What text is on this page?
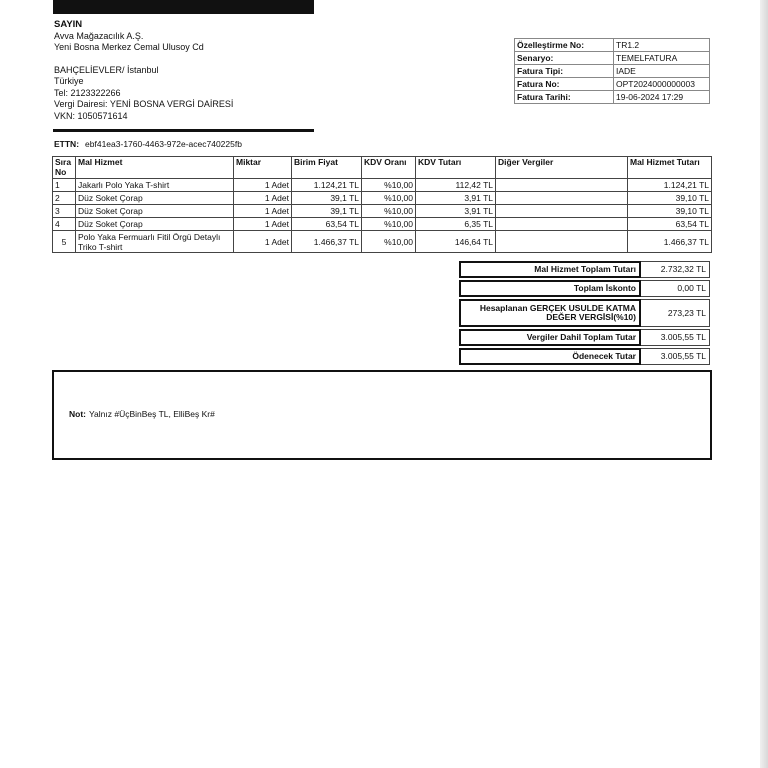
SAYIN
Avva Mağazacılık A.Ş.
Yeni Bosna Merkez Cemal Ulusoy Cd
BAHÇELİEVLER/ İstanbul
Türkiye
Tel: 2123322266
Vergi Dairesi: YENİ BOSNA VERGİ DAİRESİ
VKN: 1050571614
Özelleştirme No:	TR1.2
Senaryo:	TEMELFATURA
Fatura Tipi:	IADE
Fatura No:	OPT2024000000003
Fatura Tarihi:	19-06-2024 17:29
ETTN: ebf41ea3-1760-4463-972e-acec740225fb
Sıra No	Mal Hizmet	Miktar	Birim Fiyat	KDV Oranı	KDV Tutarı	Diğer Vergiler	Mal Hizmet Tutarı
1	Jakarlı Polo Yaka T-shirt	1 Adet	1.124,21 TL	%10,00	112,42 TL		1.124,21 TL
2	Düz Soket Çorap	1 Adet	39,1 TL	%10,00	3,91 TL		39,10 TL
3	Düz Soket Çorap	1 Adet	39,1 TL	%10,00	3,91 TL		39,10 TL
4	Düz Soket Çorap	1 Adet	63,54 TL	%10,00	6,35 TL		63,54 TL
5	Polo Yaka Fermuarlı Fitil Örgü Detaylı Triko T-shirt	1 Adet	1.466,37 TL	%10,00	146,64 TL		1.466,37 TL
Mal Hizmet Toplam Tutarı	2.732,32 TL
Toplam İskonto	0,00 TL
Hesaplanan GERÇEK USULDE KATMA DEĞER VERGİSİ(%10)	273,23 TL
Vergiler Dahil Toplam Tutar	3.005,55 TL
Ödenecek Tutar	3.005,55 TL
Not: Yalnız #ÜçBinBeş TL, ElliBeş Kr#
